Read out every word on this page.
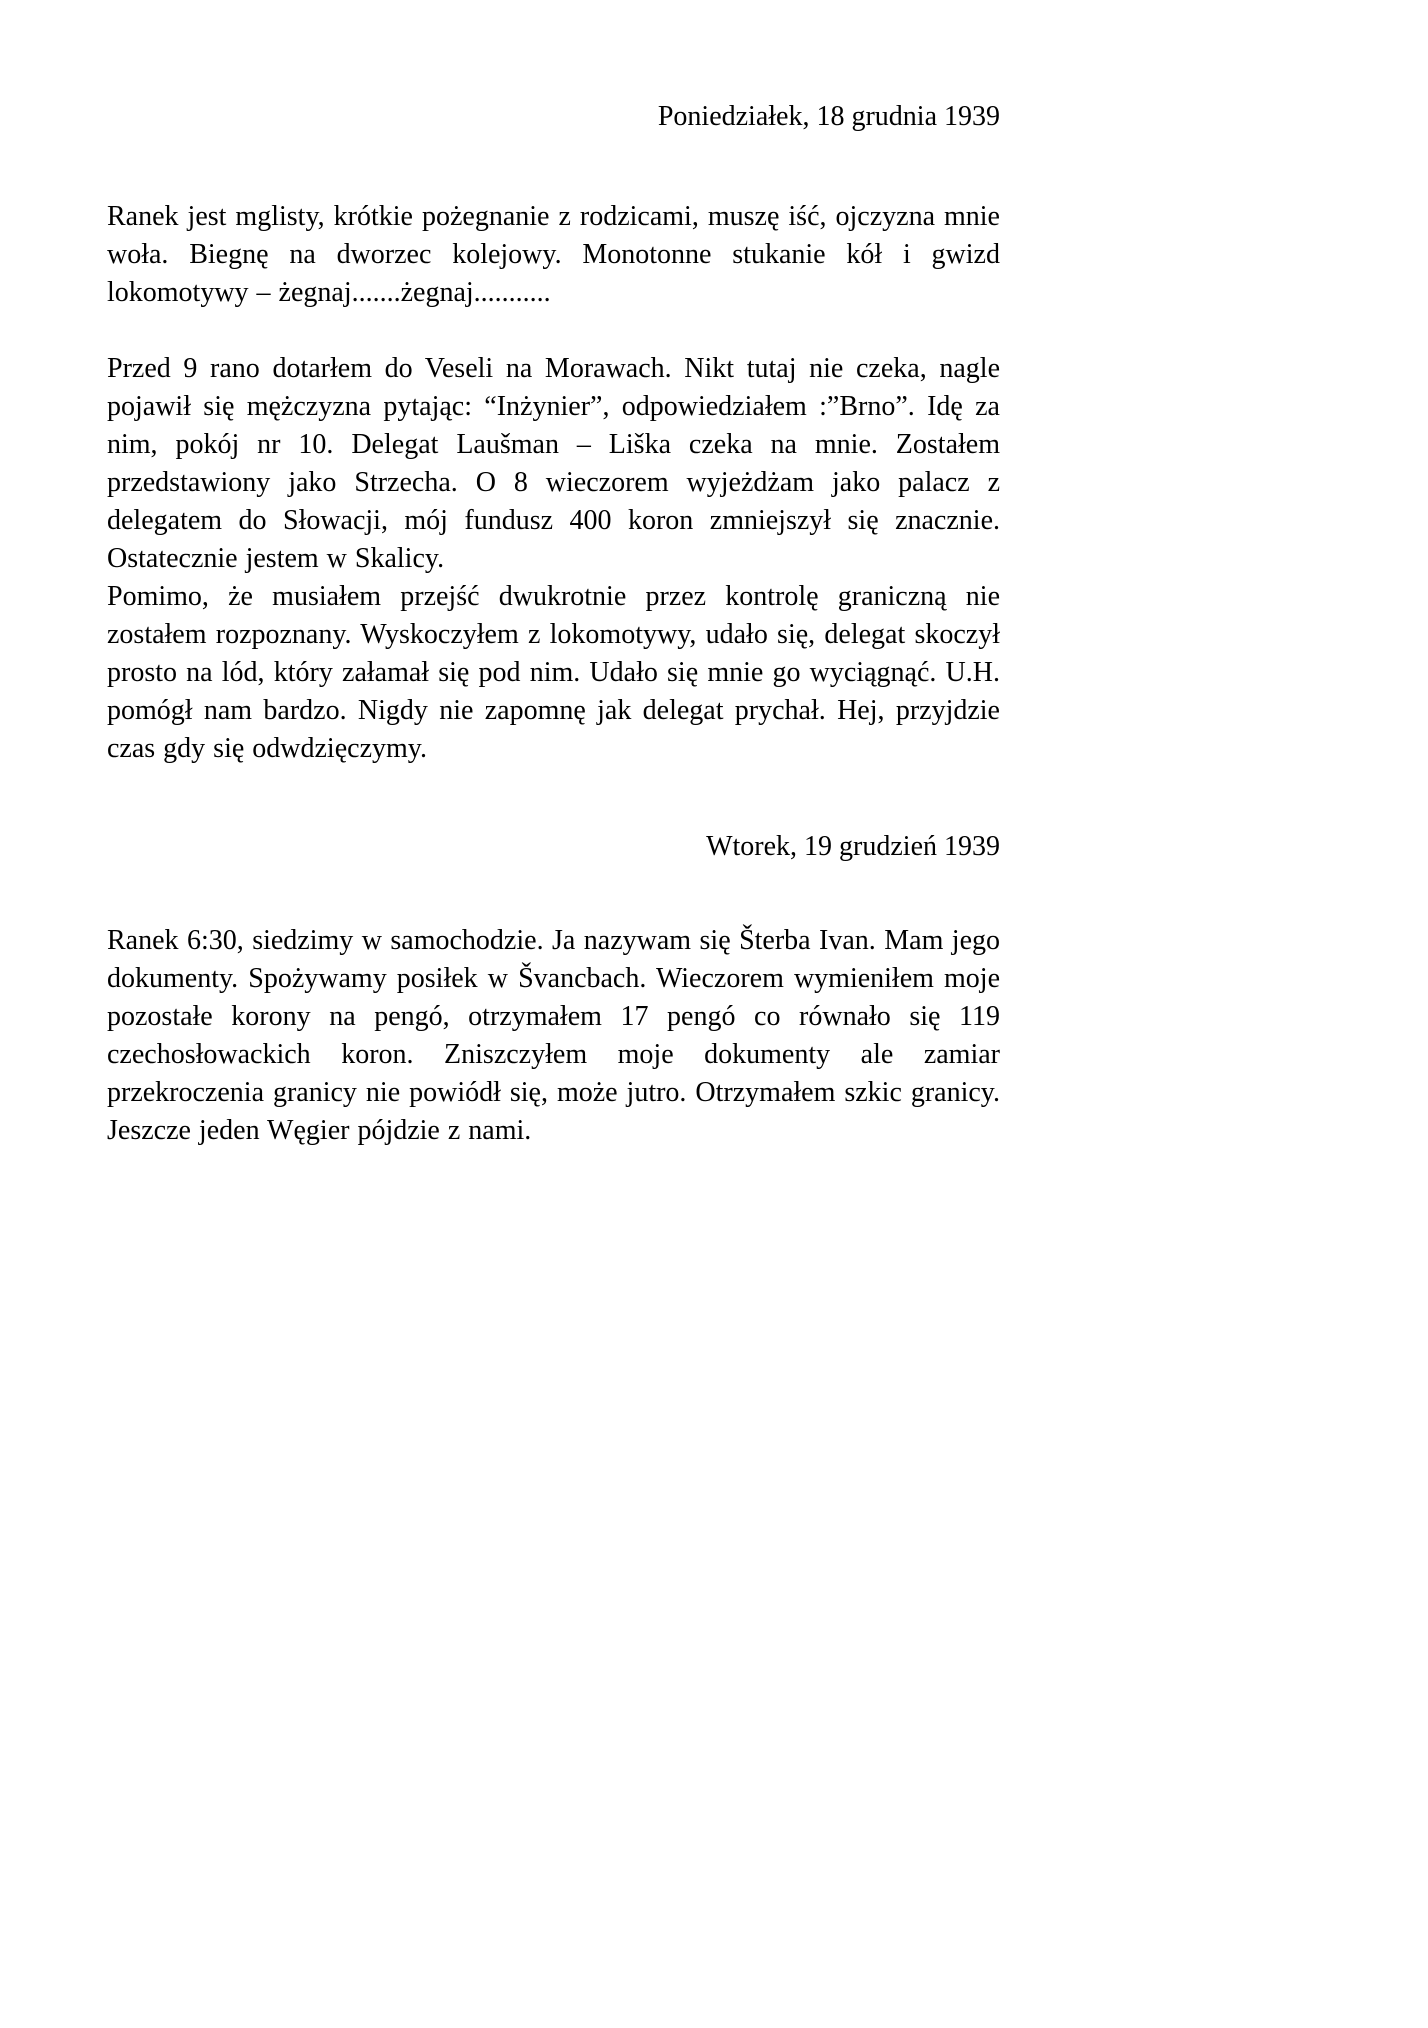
Poniedziałek, 18 grudnia 1939

Ranek jest mglisty, krótkie pożegnanie z rodzicami, muszę iść, ojczyzna mnie woła. Biegnę na dworzec kolejowy. Monotonne stukanie kół i gwizd lokomotywy – żegnaj.......żegnaj...........

Przed 9 rano dotarłem do Veseli na Morawach. Nikt tutaj nie czeka, nagle pojawił się mężczyzna pytając: “Inżynier”, odpowiedziałem :”Brno”. Idę za nim, pokój nr 10. Delegat Laušman – Liška czeka na mnie. Zostałem przedstawiony jako Strzecha. O 8 wieczorem wyjeżdżam jako palacz z delegatem do Słowacji, mój fundusz 400 koron zmniejszył się znacznie. Ostatecznie jestem w Skalicy.

Pomimo, że musiałem przejść dwukrotnie przez kontrolę graniczną nie zostałem rozpoznany. Wyskoczyłem z lokomotywy, udało się, delegat skoczył prosto na lód, który załamał się pod nim. Udało się mnie go wyciągnąć. U.H. pomógł nam bardzo. Nigdy nie zapomnę jak delegat prychał. Hej, przyjdzie czas gdy się odwdzięczymy.

Wtorek, 19 grudzień 1939

Ranek 6:30, siedzimy w samochodzie. Ja nazywam się Šterba Ivan. Mam jego dokumenty. Spożywamy posiłek w Švancbach. Wieczorem wymieniłem moje pozostałe korony na pengó, otrzymałem 17 pengó co równało się 119 czechosłowackich koron. Zniszczyłem moje dokumenty ale zamiar przekroczenia granicy nie powiódł się, może jutro. Otrzymałem szkic granicy. Jeszcze jeden Węgier pójdzie z nami.
